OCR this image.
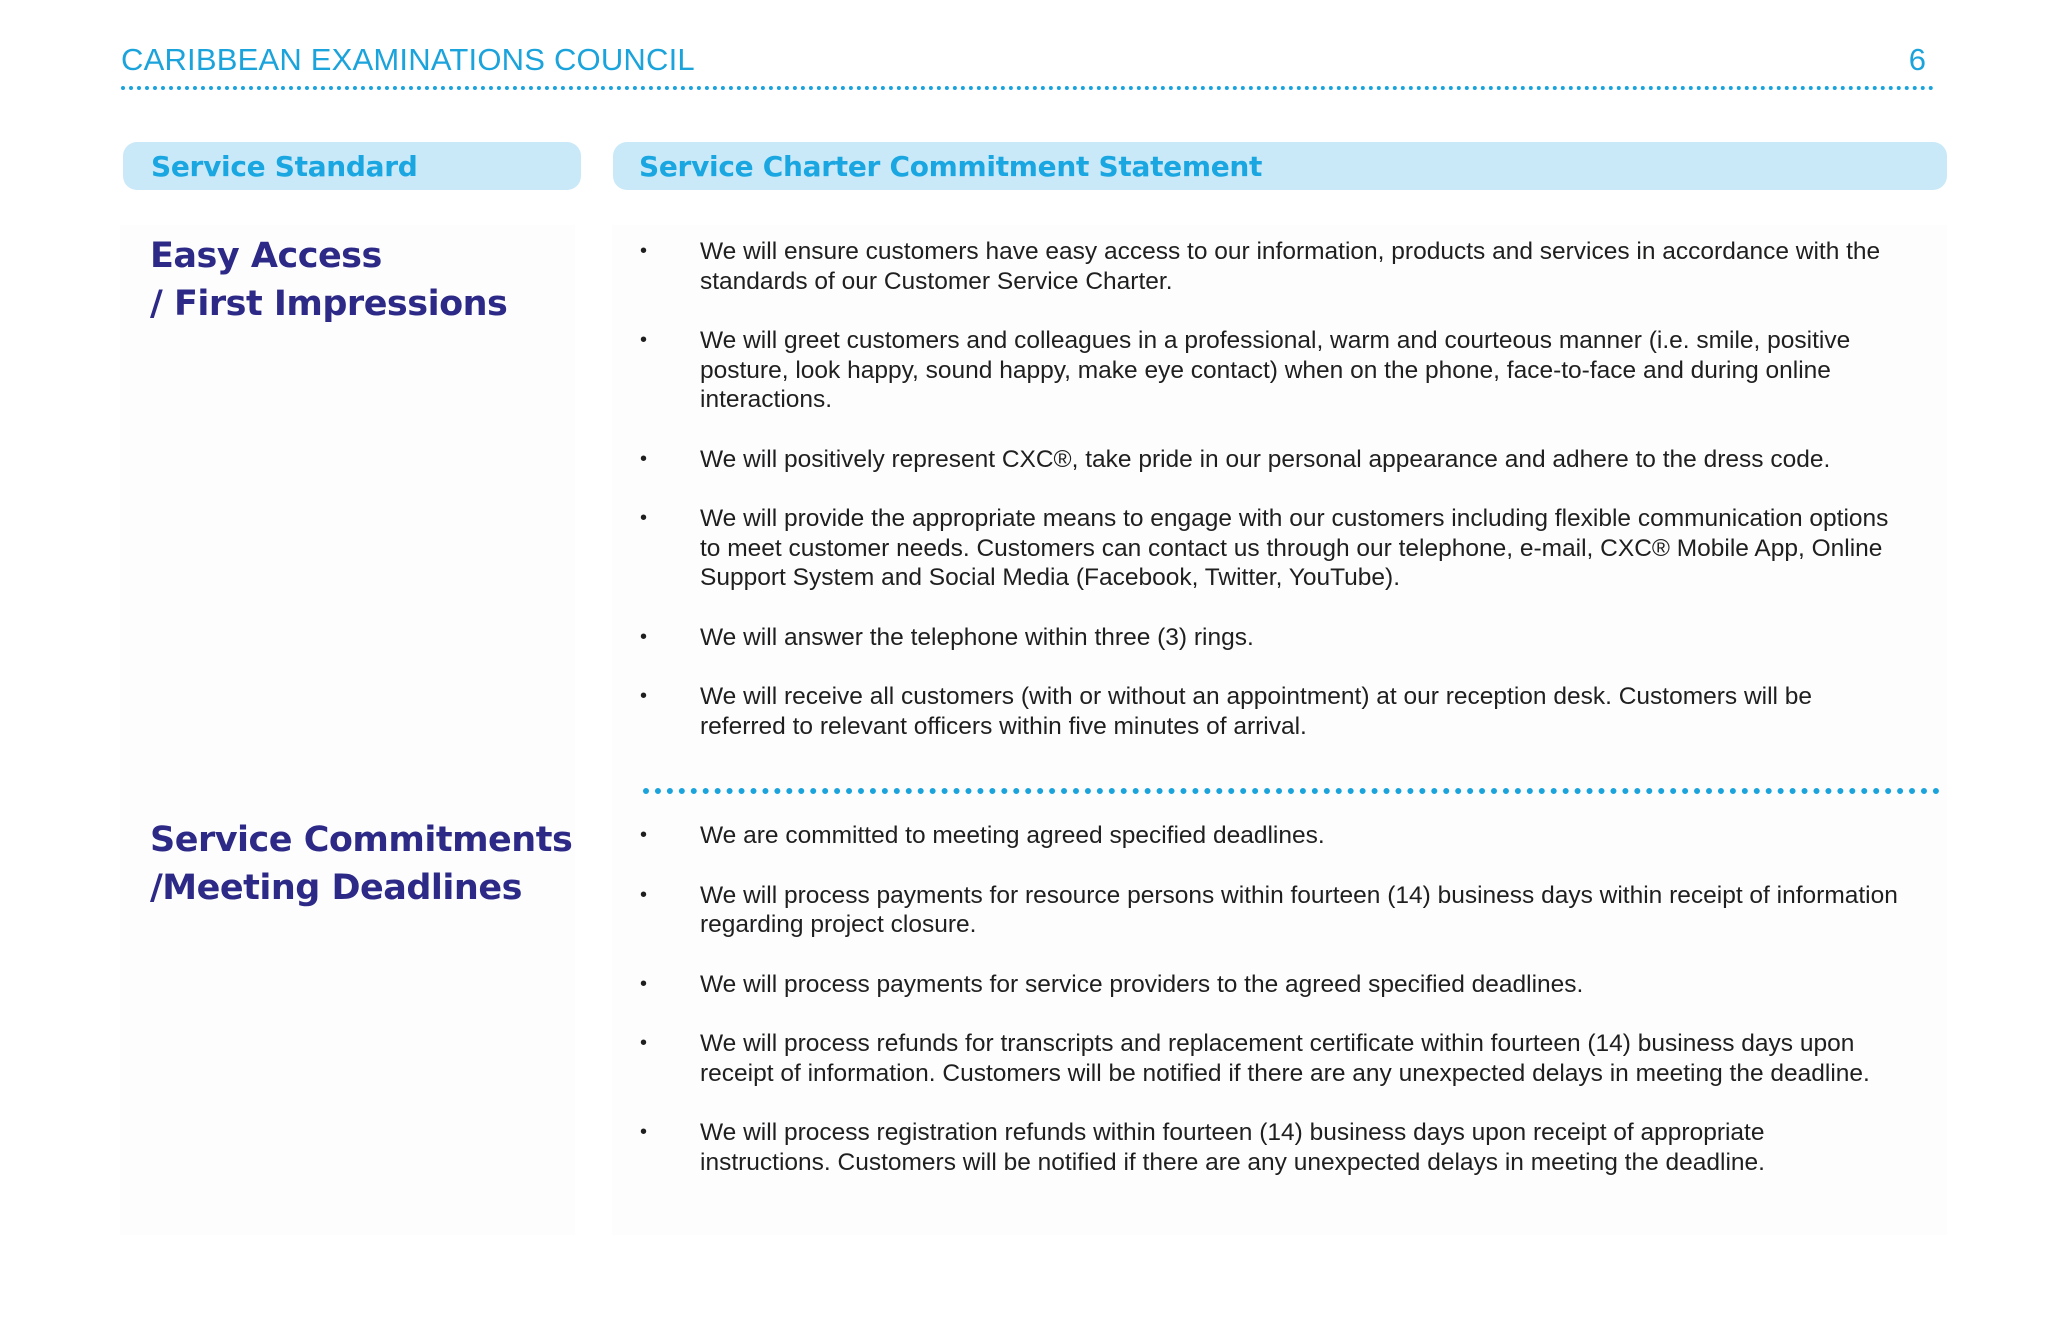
CARIBBEAN EXAMINATIONS COUNCIL	6
Service Standard	Service Charter Commitment Statement
Easy Access
/ First Impressions
•	We will ensure customers have easy access to our information, products and services in accordance with the standards of our Customer Service Charter.
•	We will greet customers and colleagues in a professional, warm and courteous manner (i.e. smile, positive posture, look happy, sound happy, make eye contact) when on the phone, face-to-face and during online interactions.
•	We will positively represent CXC®, take pride in our personal appearance and adhere to the dress code.
•	We will provide the appropriate means to engage with our customers including flexible communication options to meet customer needs. Customers can contact us through our telephone, e-mail, CXC® Mobile App, Online Support System and Social Media (Facebook, Twitter, YouTube).
•	We will answer the telephone within three (3) rings.
•	We will receive all customers (with or without an appointment) at our reception desk. Customers will be referred to relevant officers within five minutes of arrival.
Service Commitments
/Meeting Deadlines
•	We are committed to meeting agreed specified deadlines.
•	We will process payments for resource persons within fourteen (14) business days within receipt of information regarding project closure.
•	We will process payments for service providers to the agreed specified deadlines.
•	We will process refunds for transcripts and replacement certificate within fourteen (14) business days upon receipt of information. Customers will be notified if there are any unexpected delays in meeting the deadline.
•	We will process registration refunds within fourteen (14) business days upon receipt of appropriate instructions. Customers will be notified if there are any unexpected delays in meeting the deadline.
